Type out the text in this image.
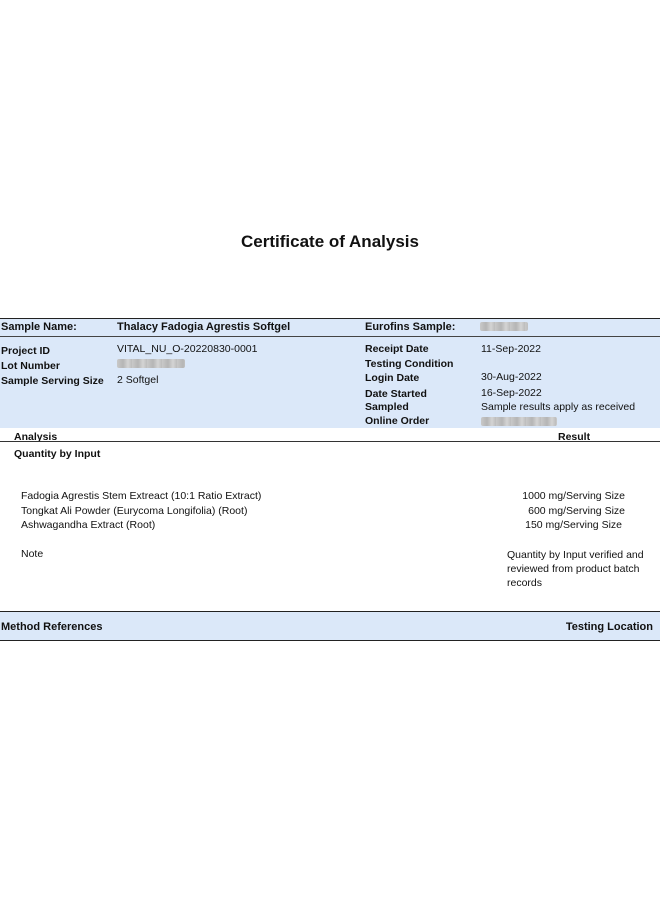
Certificate of Analysis
Sample Name:	Thalacy Fadogia Agrestis Softgel	Eurofins Sample:
Project ID	VITAL_NU_O-20220830-0001
Lot Number
Sample Serving Size 2 Softgel
Receipt Date	11-Sep-2022
Testing Condition
Login Date	30-Aug-2022
Date Started	16-Sep-2022
Sampled	Sample results apply as received
Online Order
Analysis	Result
Quantity by Input
Fadogia Agrestis Stem Extreact (10:1 Ratio Extract)	1000 mg/Serving Size
Tongkat Ali Powder (Eurycoma Longifolia) (Root)	600 mg/Serving Size
Ashwagandha Extract (Root)	150 mg/Serving Size
Note	Quantity by Input verified and reviewed from product batch records
Method References	Testing Location
